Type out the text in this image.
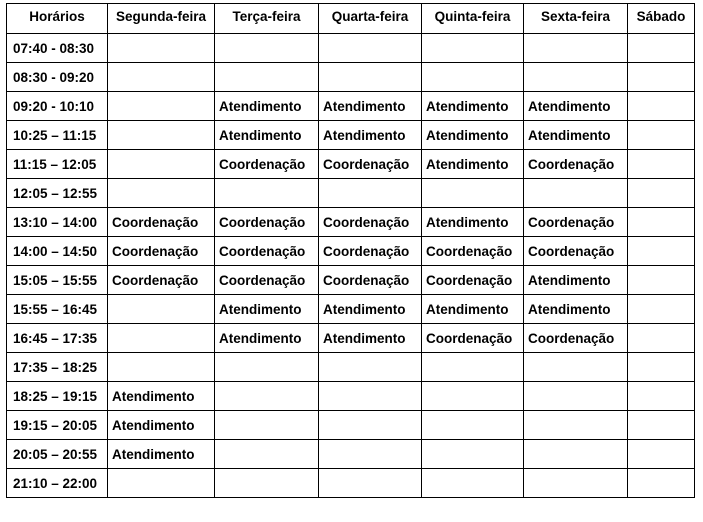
Horários	Segunda-feira	Terça-feira	Quarta-feira	Quinta-feira	Sexta-feira	Sábado
07:40 - 08:30						
08:30 - 09:20						
09:20 - 10:10		Atendimento	Atendimento	Atendimento	Atendimento	
10:25 – 11:15		Atendimento	Atendimento	Atendimento	Atendimento	
11:15 – 12:05		Coordenação	Coordenação	Atendimento	Coordenação	
12:05 – 12:55						
13:10 – 14:00	Coordenação	Coordenação	Coordenação	Atendimento	Coordenação	
14:00 – 14:50	Coordenação	Coordenação	Coordenação	Coordenação	Coordenação	
15:05 – 15:55	Coordenação	Coordenação	Coordenação	Coordenação	Atendimento	
15:55 – 16:45		Atendimento	Atendimento	Atendimento	Atendimento	
16:45 – 17:35		Atendimento	Atendimento	Coordenação	Coordenação	
17:35 – 18:25						
18:25 – 19:15	Atendimento					
19:15 – 20:05	Atendimento					
20:05 – 20:55	Atendimento					
21:10 – 22:00						
